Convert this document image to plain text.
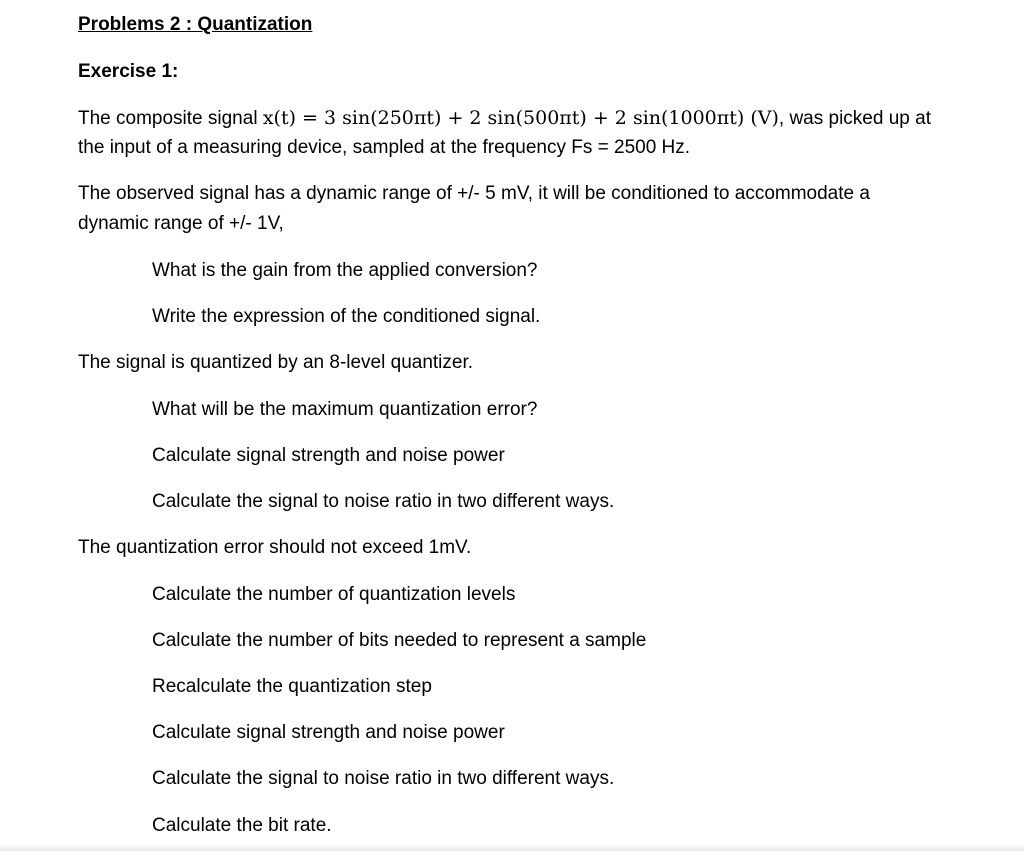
Problems 2 : Quantization
Exercise 1:
The composite signal x(t) = 3 sin(250πt) + 2 sin(500πt) + 2 sin(1000πt) (V), was picked up at
the input of a measuring device, sampled at the frequency Fs = 2500 Hz.
The observed signal has a dynamic range of +/- 5 mV, it will be conditioned to accommodate a
dynamic range of +/- 1V,
What is the gain from the applied conversion?
Write the expression of the conditioned signal.
The signal is quantized by an 8-level quantizer.
What will be the maximum quantization error?
Calculate signal strength and noise power
Calculate the signal to noise ratio in two different ways.
The quantization error should not exceed 1mV.
Calculate the number of quantization levels
Calculate the number of bits needed to represent a sample
Recalculate the quantization step
Calculate signal strength and noise power
Calculate the signal to noise ratio in two different ways.
Calculate the bit rate.
